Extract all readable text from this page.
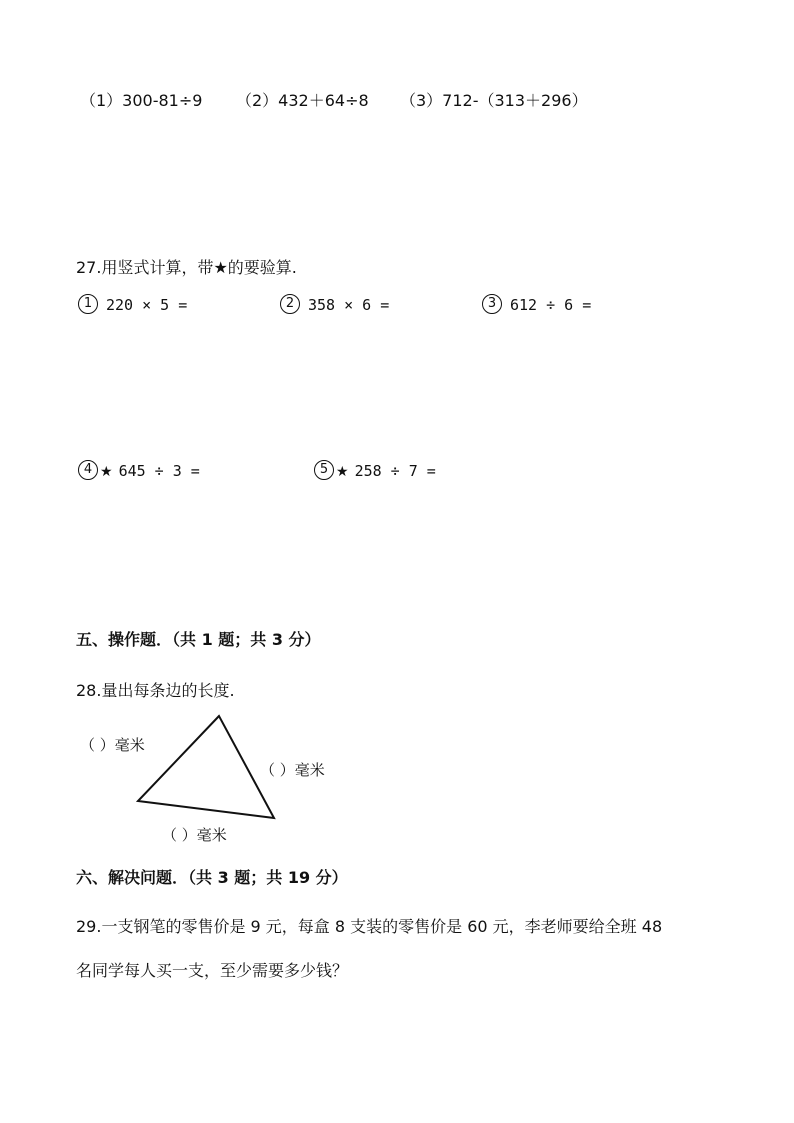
（1）300-81÷9 （2）432＋64÷8 （3）712-（313＋296）
27.用竖式计算，带★的要验算.
1 220 × 5 =	2 358 × 6 =	3 612 ÷ 6 =
4 ★ 645 ÷ 3 =	5 ★ 258 ÷ 7 =
五、操作题．（共 1 题；共 3 分）
28.量出每条边的长度.
（ ）毫米
（ ）毫米
（ ）毫米
六、解决问题．（共 3 题；共 19 分）
29.一支钢笔的零售价是 9 元，每盒 8 支装的零售价是 60 元，李老师要给全班 48
名同学每人买一支，至少需要多少钱？
